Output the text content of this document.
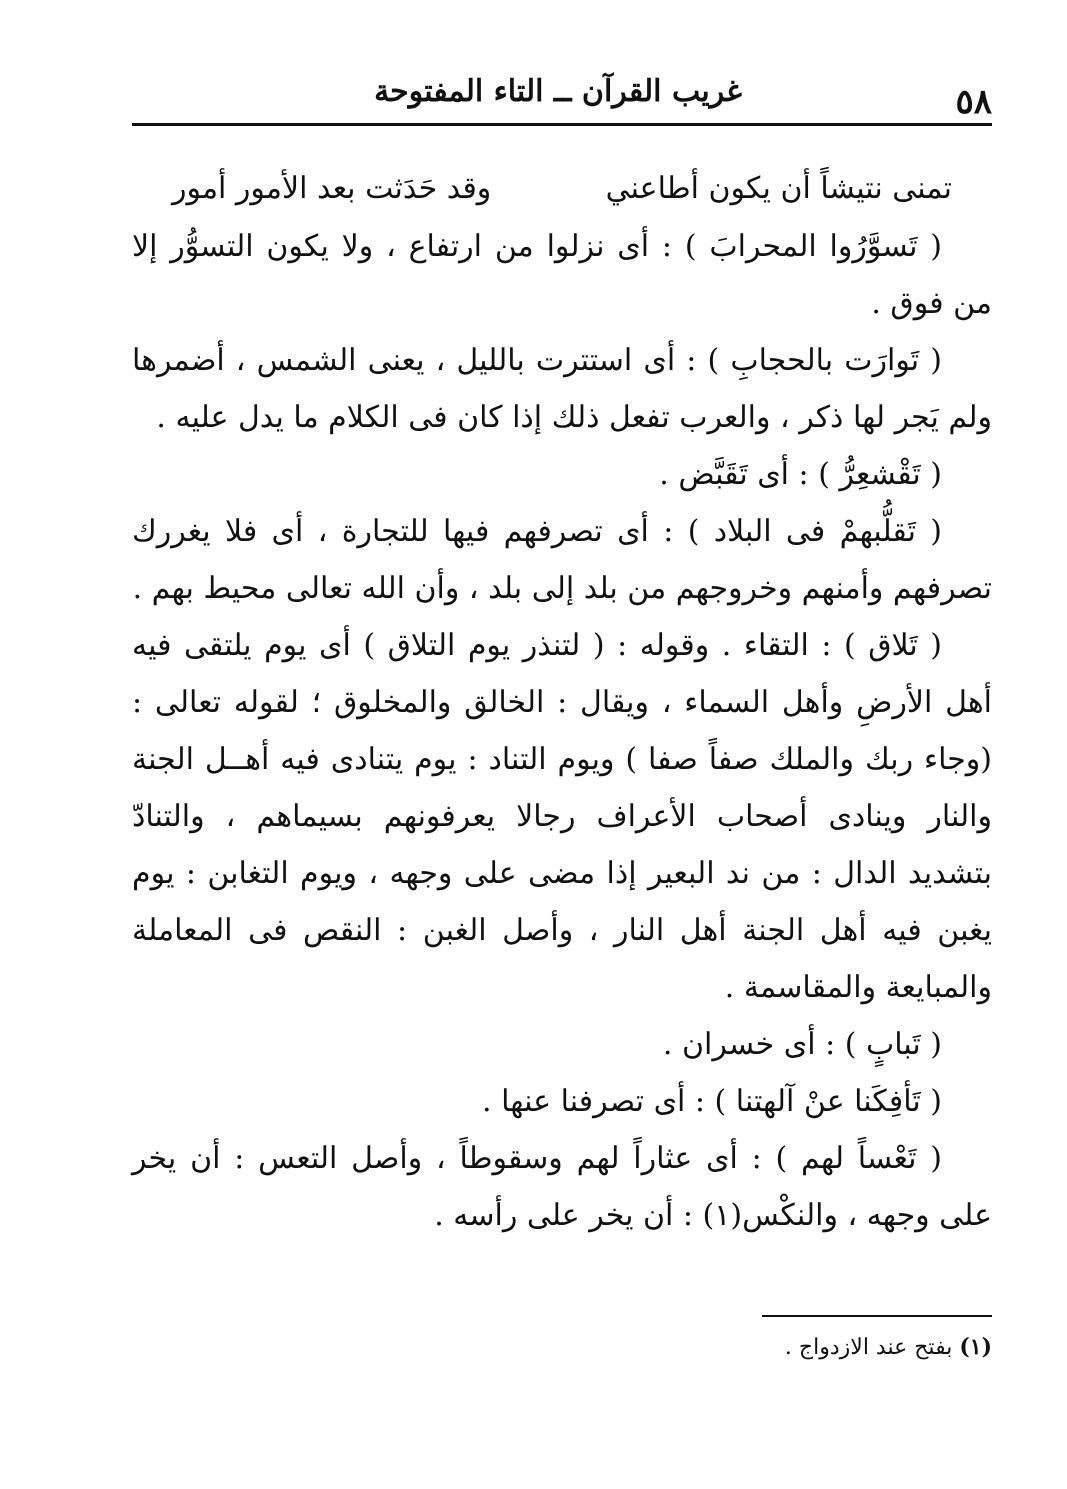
٥٨
غريب القرآن ــ التاء المفتوحة
تمنى نتيشاً أن يكون أطاعني
وقد حَدَثت بعد الأمور أمور

( تَسوَّرُوا المحرابَ ) : أى نزلوا من ارتفاع ، ولا يكون التسوُّر إلا من فوق .

( تَوارَت بالحجابِ ) : أى استترت بالليل ، يعنى الشمس ، أضمرها ولم يَجر لها ذكر ، والعرب تفعل ذلك إذا كان فى الكلام ما يدل عليه .

( تَقْشعِرُّ ) : أى تَقَبَّض .

( تَقلُّبهمْ فى البلاد ) : أى تصرفهم فيها للتجارة ، أى فلا يغررك تصرفهم وأمنهم وخروجهم من بلد إلى بلد ، وأن الله تعالى محيط بهم .

( تَلاق ) : التقاء . وقوله : ( لتنذر يوم التلاق ) أى يوم يلتقى فيه أهل الأرضِ وأهل السماء ، ويقال : الخالق والمخلوق ؛ لقوله تعالى : (وجاء ربك والملك صفاً صفا ) ويوم التناد : يوم يتنادى فيه أهــل الجنة والنار وينادى أصحاب الأعراف رجالا يعرفونهم بسيماهم ، والتنادّ بتشديد الدال : من ند البعير إذا مضى على وجهه ، ويوم التغابن : يوم يغبن فيه أهل الجنة أهل النار ، وأصل الغبن : النقص فى المعاملة والمبايعة والمقاسمة .

( تَبابٍ ) : أى خسران .

( تَأفِكَنا عنْ آلهتنا ) : أى تصرفنا عنها .

( تَعْساً لهم ) : أى عثاراً لهم وسقوطاً ، وأصل التعس : أن يخر على وجهه ، والنكْس(١) : أن يخر على رأسه .

(١) بفتح عند الازدواج .
